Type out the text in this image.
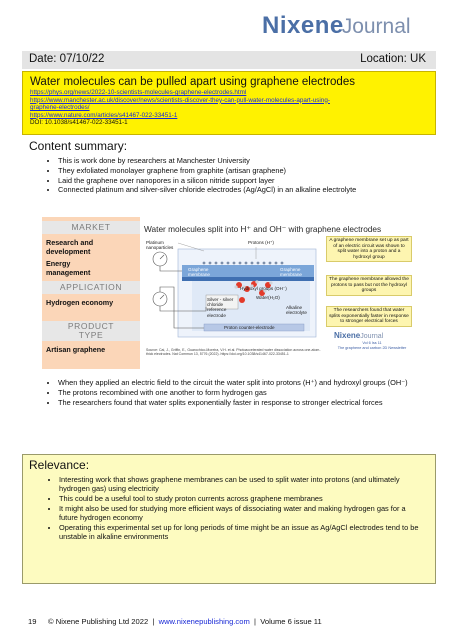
NixeneJournal
Date: 07/10/22	Location: UK
Water molecules can be pulled apart using graphene electrodes
https://phys.org/news/2022-10-scientists-molecules-graphene-electrodes.html
https://www.manchester.ac.uk/discover/news/scientists-discover-they-can-pull-water-molecules-apart-using-
graphene-electrodes/
https://www.nature.com/articles/s41467-022-33451-1
DOI: 10.1038/s41467-022-33451-1
Content summary:
• This is work done by researchers at Manchester University
• They exfoliated monolayer graphene from graphite (artisan graphene)
• Laid the graphene over nanopores in a silicon nitride support layer
• Connected platinum and silver-silver chloride electrodes (Ag/AgCl) in an alkaline electrolyte
MARKET
Research and development
Energy management
APPLICATION
Hydrogen economy
PRODUCT TYPE
Artisan graphene
Water molecules split into H⁺ and OH⁻ with graphene electrodes
Platinum nanoparticles
Protons (H⁺)
Graphene membrane
Graphene membrane
Hydroxyl groups (OH⁻)
Water(H₂O)
Silver - silver chloride reference electrode
Alkaline electrolyte
Proton counter-electrode
A graphene membrane set up as part of an electric circuit was shown to split water into a proton and a hydroxyl group
The graphene membrane allowed the protons to pass but not the hydroxyl groups
The researchers found that water splits exponentially faster in response to stronger electrical forces
NixeneJournal
Vol 6 Iss 11
The graphene and carbon 2D Newsletter
Source: Cai, J., Griffin, E., Guarochico-Moreira, V.H. et al. Photoaccelerated water dissociation across one-atom-thick electrodes. Nat Commun 13, 5776 (2022). https://doi.org/10.1038/s41467-022-33451-1
• When they applied an electric field to the circuit the water split into protons (H⁺) and hydroxyl groups (OH⁻)
• The protons recombined with one another to form hydrogen gas
• The researchers found that water splits exponentially faster in response to stronger electrical forces
Relevance:
• Interesting work that shows graphene membranes can be used to split water into protons (and ultimately hydrogen gas) using electricity
• This could be a useful tool to study proton currents across graphene membranes
• It might also be used for studying more efficient ways of dissociating water and making hydrogen gas for a future hydrogen economy
• Operating this experimental set up for long periods of time might be an issue as Ag/AgCl electrodes tend to be unstable in alkaline environments
19 © Nixene Publishing Ltd 2022  |  www.nixenepublishing.com  |  Volume 6 issue 11
